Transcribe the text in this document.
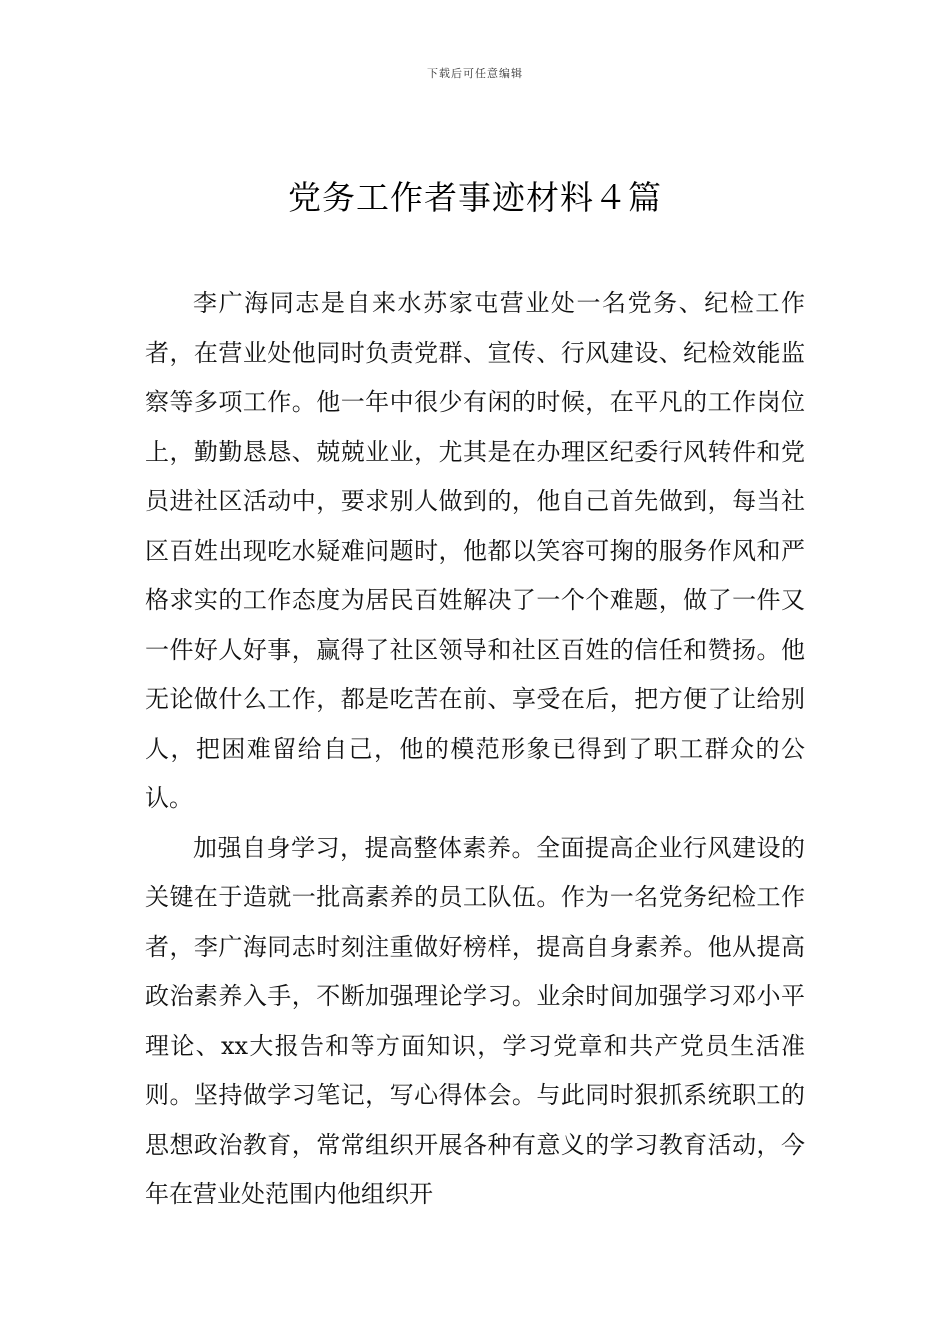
下载后可任意编辑
党务工作者事迹材料４篇

李广海同志是自来水苏家屯营业处一名党务、纪检工作者，在营业处他同时负责党群、宣传、行风建设、纪检效能监察等多项工作。他一年中很少有闲的时候，在平凡的工作岗位上，勤勤恳恳、兢兢业业，尤其是在办理区纪委行风转件和党员进社区活动中，要求别人做到的，他自己首先做到，每当社区百姓出现吃水疑难问题时，他都以笑容可掬的服务作风和严格求实的工作态度为居民百姓解决了一个个难题，做了一件又一件好人好事，赢得了社区领导和社区百姓的信任和赞扬。他无论做什么工作，都是吃苦在前、享受在后，把方便了让给别人，把困难留给自己，他的模范形象已得到了职工群众的公认。

加强自身学习，提高整体素养。全面提高企业行风建设的关键在于造就一批高素养的员工队伍。作为一名党务纪检工作者，李广海同志时刻注重做好榜样，提高自身素养。他从提高政治素养入手，不断加强理论学习。业余时间加强学习邓小平理论、xx大报告和等方面知识，学习党章和共产党员生活准则。坚持做学习笔记，写心得体会。与此同时狠抓系统职工的思想政治教育，常常组织开展各种有意义的学习教育活动，今年在营业处范围内他组织开
